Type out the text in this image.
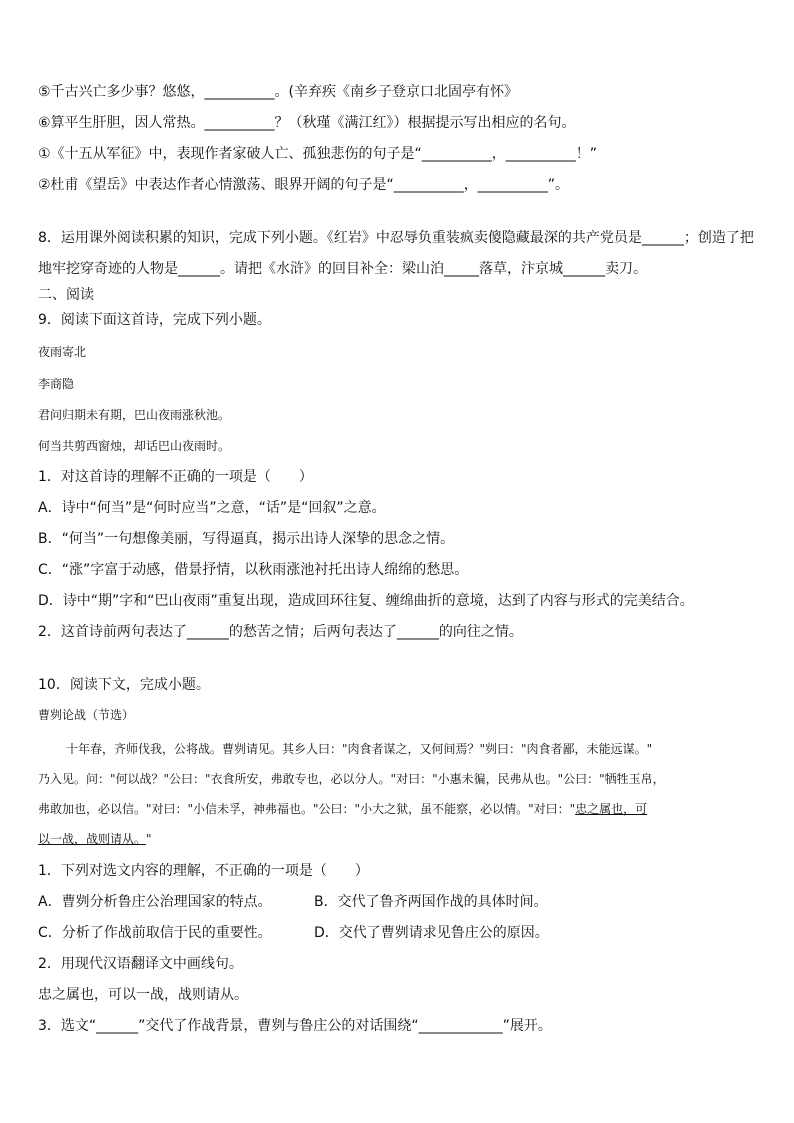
⑤千古兴亡多少事？悠悠，__________。(辛弃疾《南乡子登京口北固亭有怀》
⑥算平生肝胆，因人常热。__________？（秋瑾《满江红》）根据提示写出相应的名句。
①《十五从军征》中，表现作者家破人亡、孤独悲伤的句子是“__________，__________！”
②杜甫《望岳》中表达作者心情激荡、眼界开阔的句子是“__________，__________”。
8．运用课外阅读积累的知识，完成下列小题。《红岩》中忍辱负重装疯卖傻隐藏最深的共产党员是______；创造了把
地牢挖穿奇迹的人物是______。请把《水浒》的回目补全：梁山泊_____落草，汴京城______卖刀。
二、阅读
9．阅读下面这首诗，完成下列小题。
夜雨寄北
李商隐
君问归期未有期，巴山夜雨涨秋池。
何当共剪西窗烛，却话巴山夜雨时。
1．对这首诗的理解不正确的一项是（　　）
A．诗中“何当”是“何时应当”之意，“话”是“回叙”之意。
B．“何当”一句想像美丽，写得逼真，揭示出诗人深挚的思念之情。
C．“涨”字富于动感，借景抒情，以秋雨涨池衬托出诗人绵绵的愁思。
D．诗中“期”字和“巴山夜雨”重复出现，造成回环往复、缠绵曲折的意境，达到了内容与形式的完美结合。
2．这首诗前两句表达了______的愁苦之情；后两句表达了______的向往之情。
10．阅读下文，完成小题。
曹刿论战（节选）
十年春，齐师伐我，公将战。曹刿请见。其乡人曰："肉食者谋之，又何间焉？"刿曰："肉食者鄙，未能远谋。"
乃入见。问："何以战？"公曰："衣食所安，弗敢专也，必以分人。"对曰："小惠未徧，民弗从也。"公曰："牺牲玉帛，
弗敢加也，必以信。"对曰："小信未孚，神弗福也。"公曰："小大之狱，虽不能察，必以情。"对曰："忠之属也，可
以一战，战则请从。"
1．下列对选文内容的理解，不正确的一项是（　　）
A．曹刿分析鲁庄公治理国家的特点。	B．交代了鲁齐两国作战的具体时间。
C．分析了作战前取信于民的重要性。	D．交代了曹刿请求见鲁庄公的原因。
2．用现代汉语翻译文中画线句。
忠之属也，可以一战，战则请从。
3．选文“______”交代了作战背景，曹刿与鲁庄公的对话围绕“____________”展开。
